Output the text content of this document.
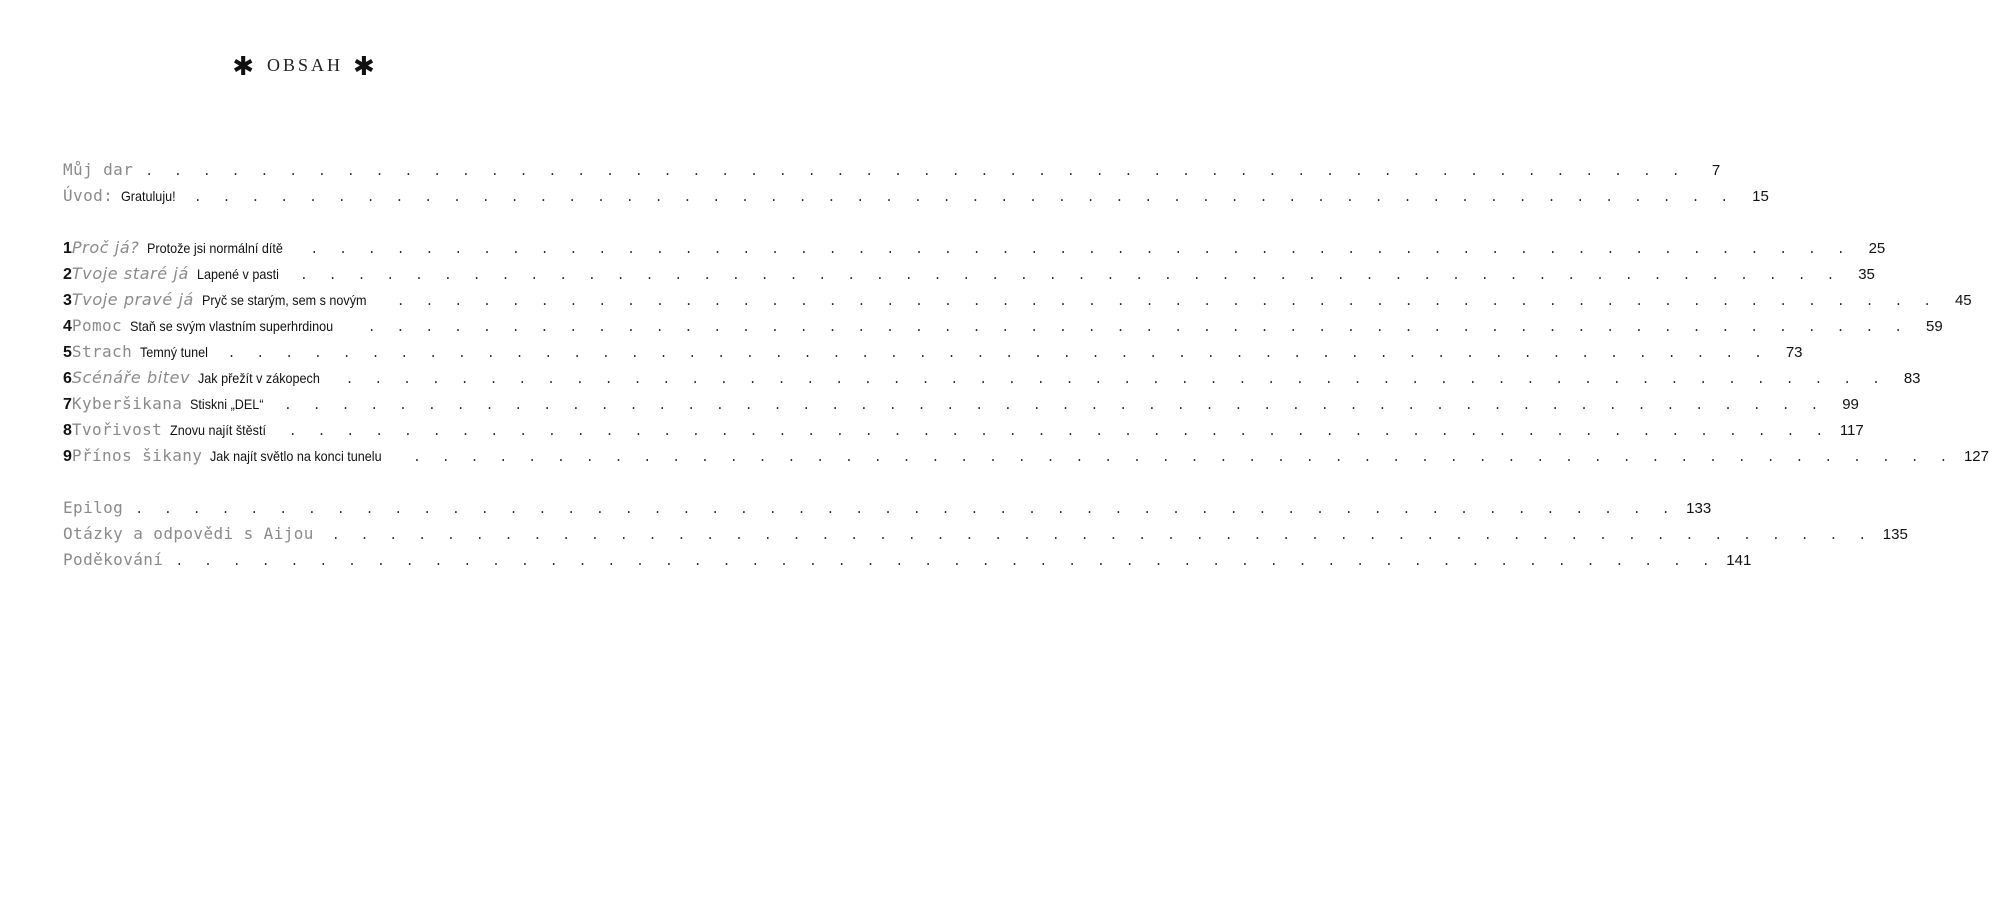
✱ OBSAH ✱
Můj dar . . . . . . . . . . . . . . . . . . . . . . . . . . . . . . . . . . . . . . . . . . . . . . . . . . . . . .	7
Úvod: Gratuluju! . . . . . . . . . . . . . . . . . . . . . . . . . . . . . . . . . . . . . . . . . . . . . . . . . . . . . .	15
1 Proč já? Protože jsi normální dítě . . . . . . . . . . . . . . . . . . . . . . . . . . . . . . . . . . . . . . . . . . . . . . . . . . . . . .	25
2 Tvoje staré já Lapené v pasti . . . . . . . . . . . . . . . . . . . . . . . . . . . . . . . . . . . . . . . . . . . . . . . . . . . . . .	35
3 Tvoje pravé já Pryč se starým, sem s novým . . . . . . . . . . . . . . . . . . . . . . . . . . . . . . . . . . . . . . . . . . . . . . . . . . . . . .	45
4 Pomoc Staň se svým vlastním superhrdinou	. . . . . . . . . . . . . . . . . . . . . . . . . . . . . . . . . . . . . . . . . . . . . . . . . . . . . .	59
5 Strach Temný tunel . . . . . . . . . . . . . . . . . . . . . . . . . . . . . . . . . . . . . . . . . . . . . . . . . . . . . .	73
6 Scénáře bitev Jak přežít v zákopech . . . . . . . . . . . . . . . . . . . . . . . . . . . . . . . . . . . . . . . . . . . . . . . . . . . . . .	83
7 Kyberšikana Stiskni „DEL“ . . . . . . . . . . . . . . . . . . . . . . . . . . . . . . . . . . . . . . . . . . . . . . . . . . . . . .	99
8 Tvořivost Znovu najít štěstí . . . . . . . . . . . . . . . . . . . . . . . . . . . . . . . . . . . . . . . . . . . . . . . . . . . . . . 117
9 Přínos šikany Jak najít světlo na konci tunelu . . . . . . . . . . . . . . . . . . . . . . . . . . . . . . . . . . . . . . . . . . . . . . . . . . . . . . 127
Epilog . . . . . . . . . . . . . . . . . . . . . . . . . . . . . . . . . . . . . . . . . . . . . . . . . . . . . . 133
Otázky a odpovědi s Aijou . . . . . . . . . . . . . . . . . . . . . . . . . . . . . . . . . . . . . . . . . . . . . . . . . . . . . . 135
Poděkování . . . . . . . . . . . . . . . . . . . . . . . . . . . . . . . . . . . . . . . . . . . . . . . . . . . . . . 141
